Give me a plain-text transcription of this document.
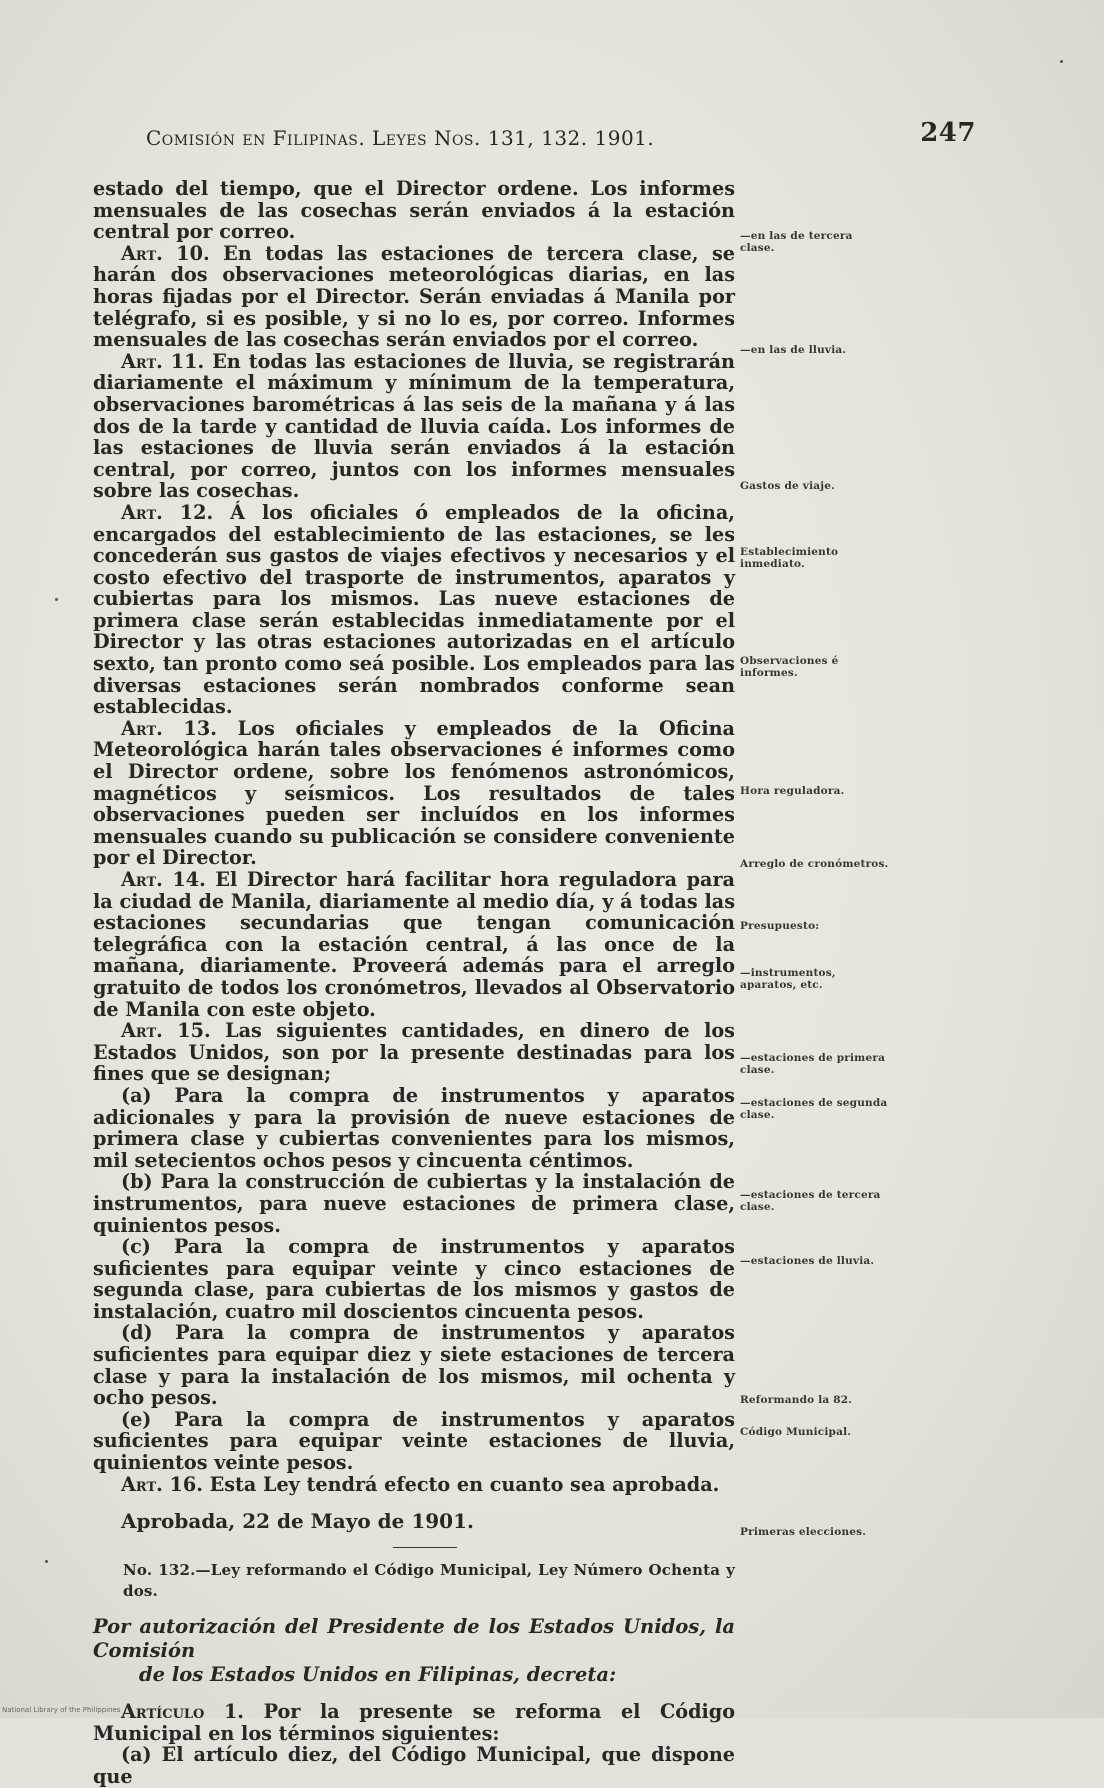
Comisión en Filipinas. Leyes Nos. 131, 132. 1901.	247

estado del tiempo, que el Director ordene. Los informes mensuales de las cosechas serán enviados á la estación central por correo.

Art. 10. En todas las estaciones de tercera clase, se harán dos observaciones meteorológicas diarias, en las horas fijadas por el Director. Serán enviadas á Manila por telégrafo, si es posible, y si no lo es, por correo. Informes mensuales de las cosechas serán enviados por el correo.

Art. 11. En todas las estaciones de lluvia, se registrarán diariamente el máximum y mínimum de la temperatura, observaciones barométricas á las seis de la mañana y á las dos de la tarde y cantidad de lluvia caída. Los informes de las estaciones de lluvia serán enviados á la estación central, por correo, juntos con los informes mensuales sobre las cosechas.

Art. 12. Á los oficiales ó empleados de la oficina, encargados del establecimiento de las estaciones, se les concederán sus gastos de viajes efectivos y necesarios y el costo efectivo del trasporte de instrumentos, aparatos y cubiertas para los mismos. Las nueve estaciones de primera clase serán establecidas inmediatamente por el Director y las otras estaciones autorizadas en el artículo sexto, tan pronto como seá posible. Los empleados para las diversas estaciones serán nombrados conforme sean establecidas.

Art. 13. Los oficiales y empleados de la Oficina Meteorológica harán tales observaciones é informes como el Director ordene, sobre los fenómenos astronómicos, magnéticos y seísmicos. Los resultados de tales observaciones pueden ser incluídos en los informes mensuales cuando su publicación se considere conveniente por el Director.

Art. 14. El Director hará facilitar hora reguladora para la ciudad de Manila, diariamente al medio día, y á todas las estaciones secundarias que tengan comunicación telegráfica con la estación central, á las once de la mañana, diariamente. Proveerá además para el arreglo gratuito de todos los cronómetros, llevados al Observatorio de Manila con este objeto.

Art. 15. Las siguientes cantidades, en dinero de los Estados Unidos, son por la presente destinadas para los fines que se designan;

(a) Para la compra de instrumentos y aparatos adicionales y para la provisión de nueve estaciones de primera clase y cubiertas convenientes para los mismos, mil setecientos ochos pesos y cincuenta céntimos.

(b) Para la construcción de cubiertas y la instalación de instrumentos, para nueve estaciones de primera clase, quinientos pesos.

(c) Para la compra de instrumentos y aparatos suficientes para equipar veinte y cinco estaciones de segunda clase, para cubiertas de los mismos y gastos de instalación, cuatro mil doscientos cincuenta pesos.

(d) Para la compra de instrumentos y aparatos suficientes para equipar diez y siete estaciones de tercera clase y para la instalación de los mismos, mil ochenta y ocho pesos.

(e) Para la compra de instrumentos y aparatos suficientes para equipar veinte estaciones de lluvia, quinientos veinte pesos.

Art. 16. Esta Ley tendrá efecto en cuanto sea aprobada.

Aprobada, 22 de Mayo de 1901.

No. 132.—Ley reformando el Código Municipal, Ley Número Ochenta y dos.

Por autorización del Presidente de los Estados Unidos, la Comisión
de los Estados Unidos en Filipinas, decreta:

Artículo 1. Por la presente se reforma el Código Municipal en los términos siguientes:

(a) El artículo diez, del Código Municipal, que dispone que

—en las de tercera clase.
—en las de lluvia.
Gastos de viaje.
Establecimiento inmediato.
Observaciones é informes.
Hora reguladora.
Arreglo de cronómetros.
Presupuesto:
—instrumentos, aparatos, etc.
—estaciones de primera clase.
—estaciones de segunda clase.
—estaciones de tercera clase.
—estaciones de lluvia.
Reformando la 82.
Código Municipal.
Primeras elecciones.
National Library of the Philippines
